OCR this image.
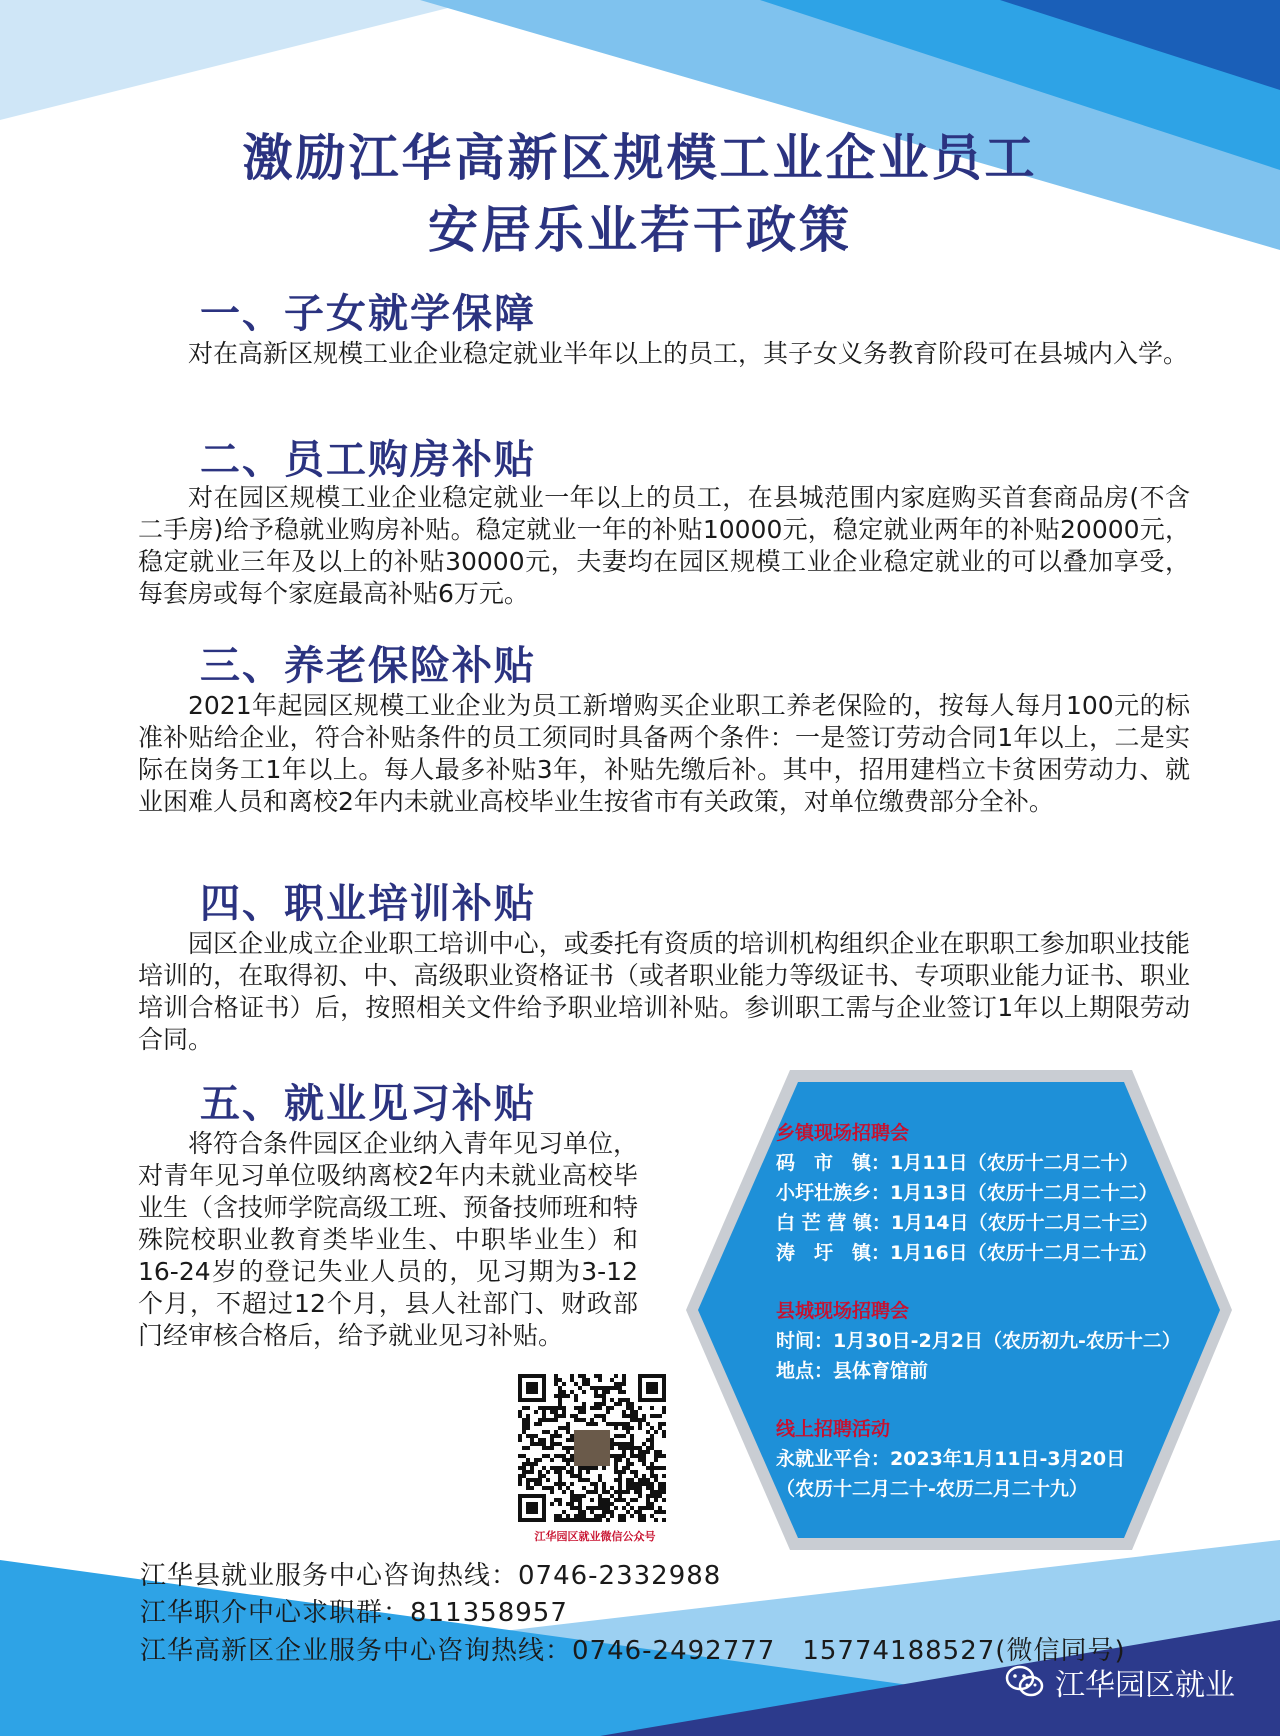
激励江华高新区规模工业企业员工
安居乐业若干政策
一、子女就学保障
对在高新区规模工业企业稳定就业半年以上的员工，其子女义务教育阶段可在县城内入学。
二、员工购房补贴
对在园区规模工业企业稳定就业一年以上的员工，在县城范围内家庭购买首套商品房(不含二手房)给予稳就业购房补贴。稳定就业一年的补贴10000元，稳定就业两年的补贴20000元，稳定就业三年及以上的补贴30000元，夫妻均在园区规模工业企业稳定就业的可以叠加享受，每套房或每个家庭最高补贴6万元。
三、养老保险补贴
2021年起园区规模工业企业为员工新增购买企业职工养老保险的，按每人每月100元的标准补贴给企业，符合补贴条件的员工须同时具备两个条件：一是签订劳动合同1年以上，二是实际在岗务工1年以上。每人最多补贴3年，补贴先缴后补。其中，招用建档立卡贫困劳动力、就业困难人员和离校2年内未就业高校毕业生按省市有关政策，对单位缴费部分全补。
四、职业培训补贴
园区企业成立企业职工培训中心，或委托有资质的培训机构组织企业在职职工参加职业技能培训的，在取得初、中、高级职业资格证书（或者职业能力等级证书、专项职业能力证书、职业培训合格证书）后，按照相关文件给予职业培训补贴。参训职工需与企业签订1年以上期限劳动合同。
五、就业见习补贴
将符合条件园区企业纳入青年见习单位，对青年见习单位吸纳离校2年内未就业高校毕业生（含技师学院高级工班、预备技师班和特殊院校职业教育类毕业生、中职毕业生）和16-24岁的登记失业人员的，见习期为3-12个月，不超过12个月，县人社部门、财政部门经审核合格后，给予就业见习补贴。
乡镇现场招聘会
码　市　镇：1月11日（农历十二月二十）
小圩壮族乡：1月13日（农历十二月二十二）
白 芒 营 镇：1月14日（农历十二月二十三）
涛　圩　镇：1月16日（农历十二月二十五）
县城现场招聘会
时间：1月30日-2月2日（农历初九-农历十二）
地点：县体育馆前
线上招聘活动
永就业平台：2023年1月11日-3月20日
（农历十二月二十-农历二月二十九）
江华园区就业微信公众号
江华县就业服务中心咨询热线：0746-2332988
江华职介中心求职群：811358957
江华高新区企业服务中心咨询热线：0746-2492777　15774188527(微信同号)
江华园区就业
